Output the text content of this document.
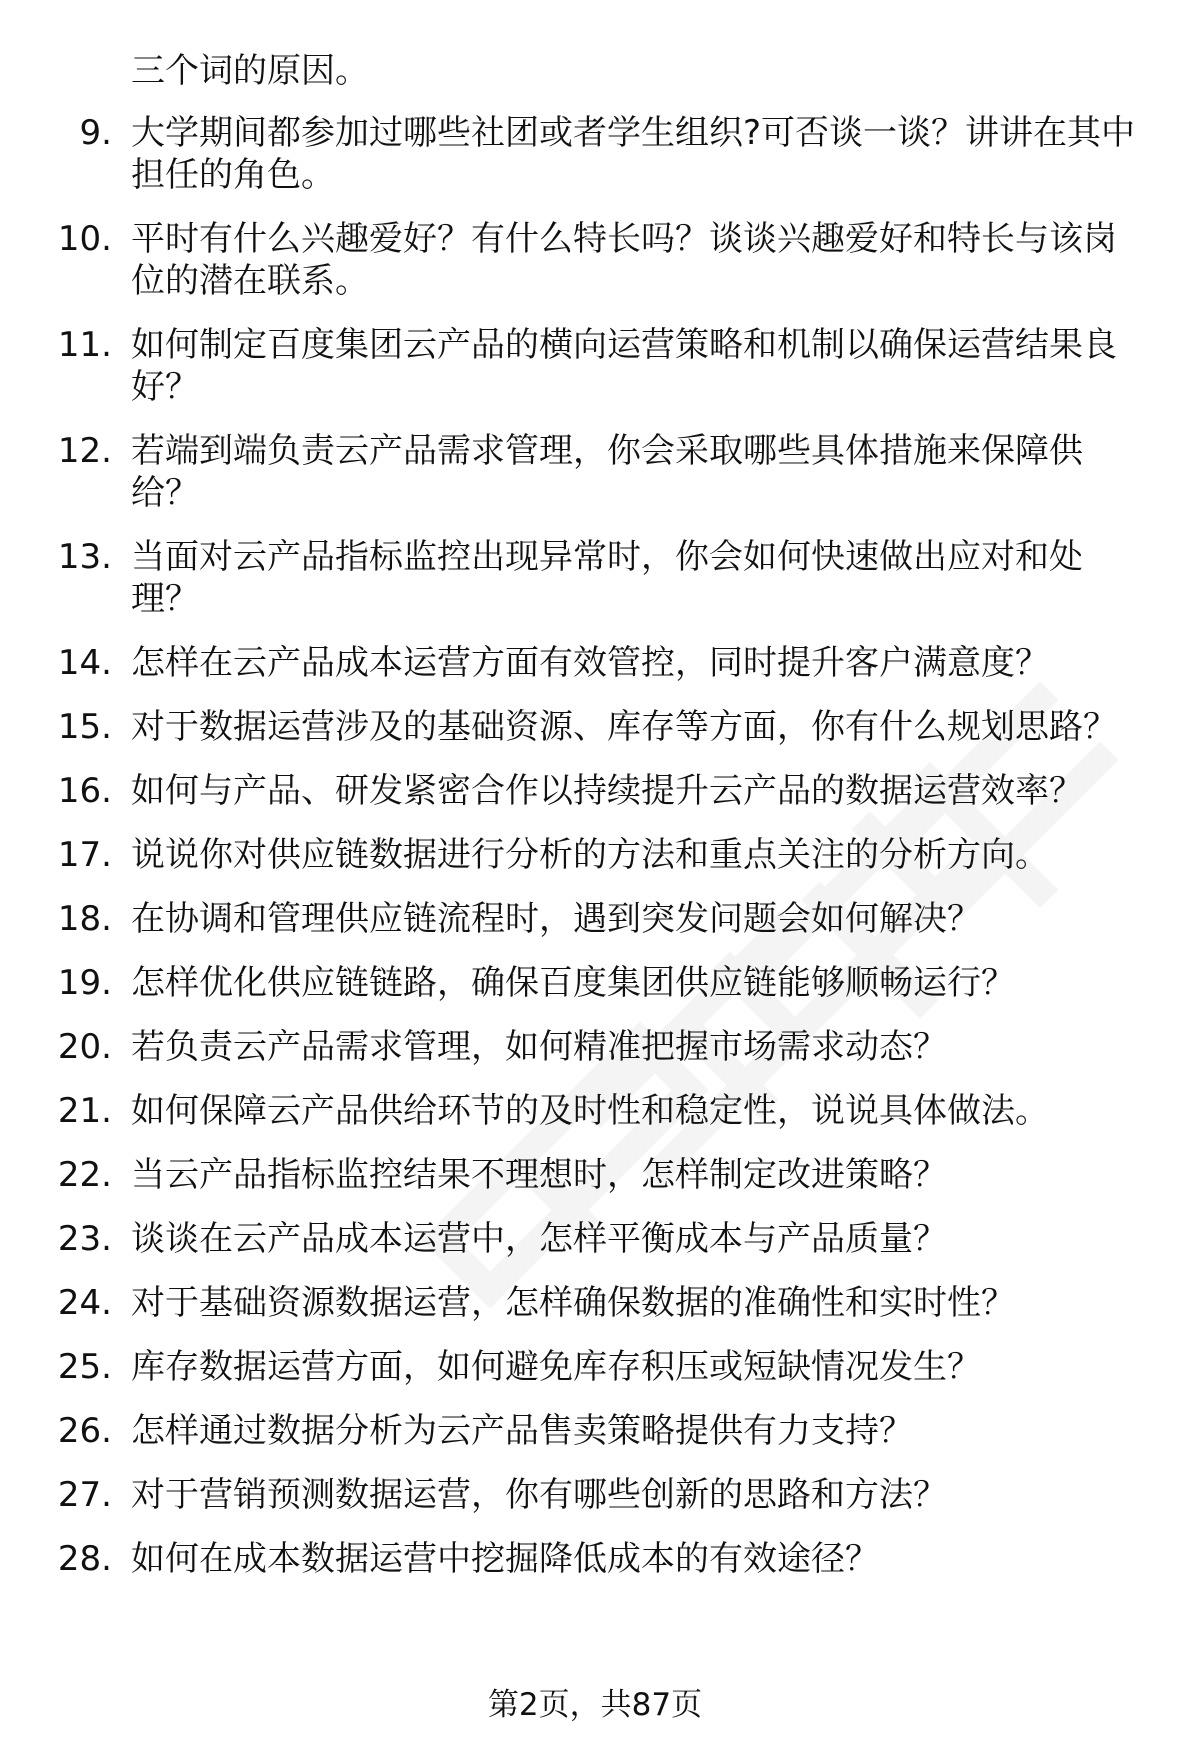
三个词的原因。
9. 大学期间都参加过哪些社团或者学生组织?可否谈一谈？讲讲在其中担任的角色。
10. 平时有什么兴趣爱好？有什么特长吗？谈谈兴趣爱好和特长与该岗位的潜在联系。
11. 如何制定百度集团云产品的横向运营策略和机制以确保运营结果良好？
12. 若端到端负责云产品需求管理，你会采取哪些具体措施来保障供给？
13. 当面对云产品指标监控出现异常时，你会如何快速做出应对和处理？
14. 怎样在云产品成本运营方面有效管控，同时提升客户满意度？
15. 对于数据运营涉及的基础资源、库存等方面，你有什么规划思路？
16. 如何与产品、研发紧密合作以持续提升云产品的数据运营效率？
17. 说说你对供应链数据进行分析的方法和重点关注的分析方向。
18. 在协调和管理供应链流程时，遇到突发问题会如何解决？
19. 怎样优化供应链链路，确保百度集团供应链能够顺畅运行？
20. 若负责云产品需求管理，如何精准把握市场需求动态？
21. 如何保障云产品供给环节的及时性和稳定性，说说具体做法。
22. 当云产品指标监控结果不理想时，怎样制定改进策略？
23. 谈谈在云产品成本运营中，怎样平衡成本与产品质量？
24. 对于基础资源数据运营，怎样确保数据的准确性和实时性？
25. 库存数据运营方面，如何避免库存积压或短缺情况发生？
26. 怎样通过数据分析为云产品售卖策略提供有力支持？
27. 对于营销预测数据运营，你有哪些创新的思路和方法？
28. 如何在成本数据运营中挖掘降低成本的有效途径？
第2页，共87页
